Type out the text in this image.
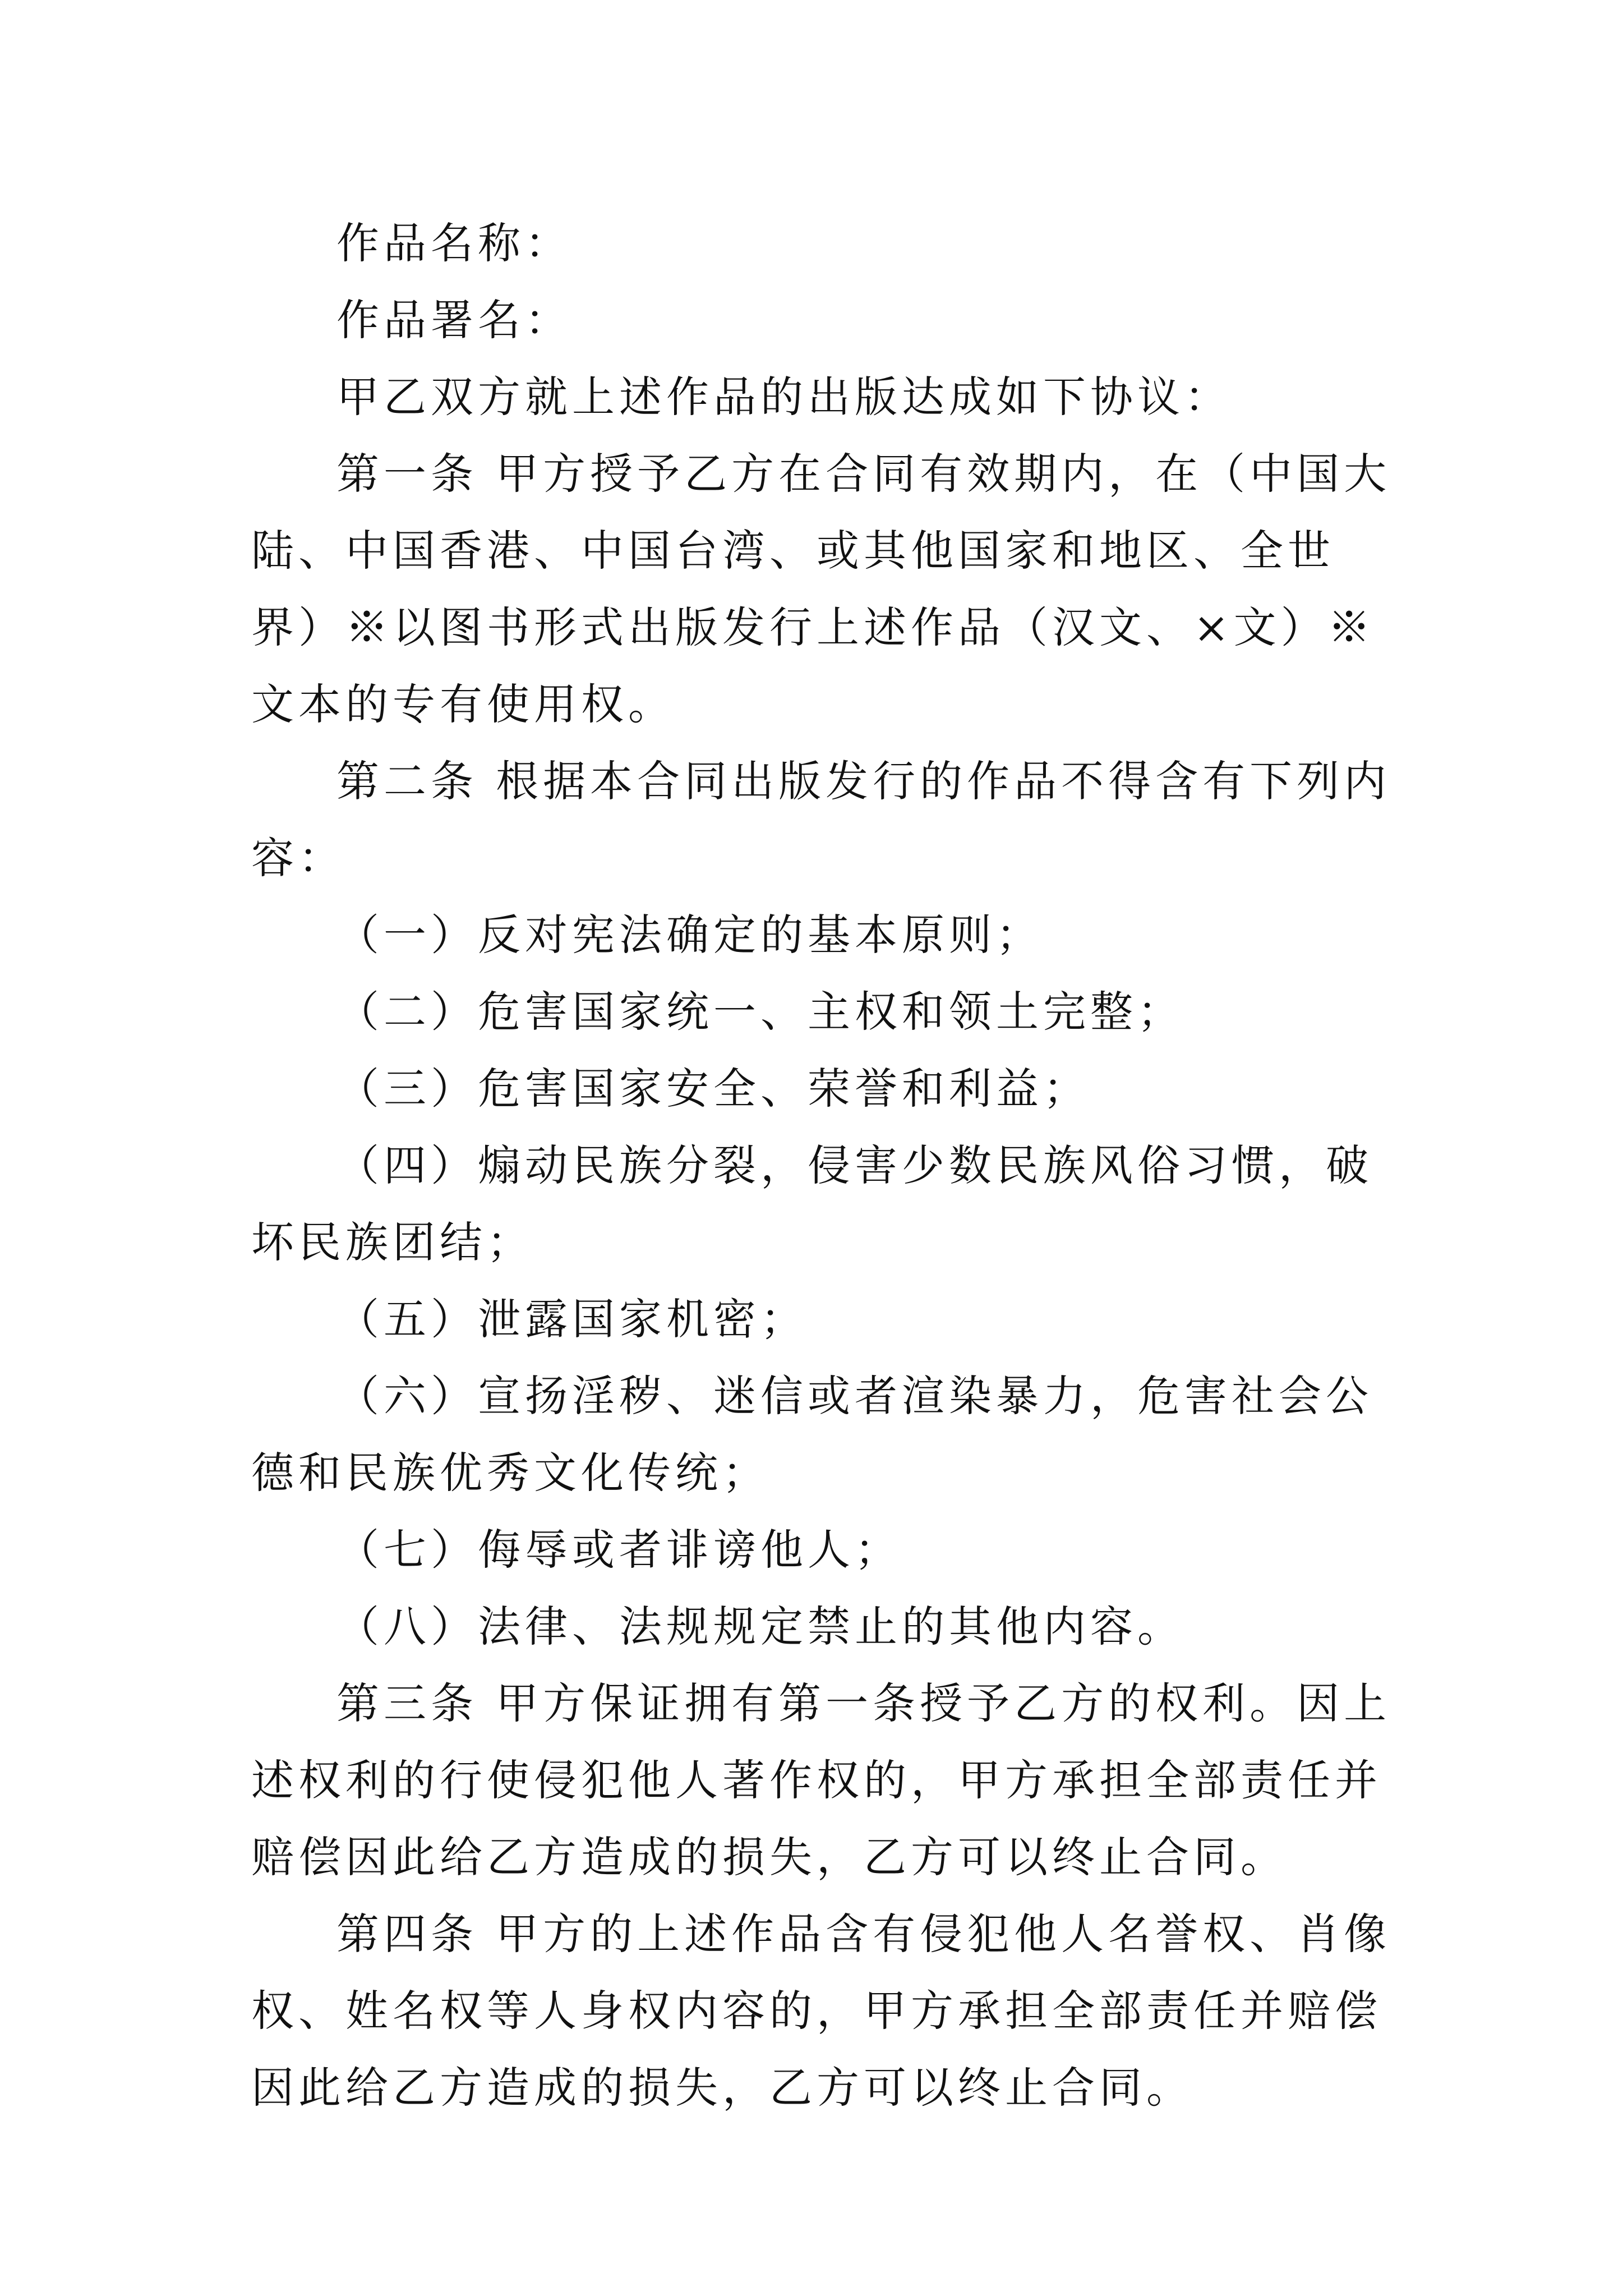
作品名称：

作品署名：

甲乙双方就上述作品的出版达成如下协议：

第一条 甲方授予乙方在合同有效期内，在（中国大陆、中国香港、中国台湾、或其他国家和地区、全世界）※以图书形式出版发行上述作品（汉文、×文）※文本的专有使用权。

第二条 根据本合同出版发行的作品不得含有下列内容：

（一）反对宪法确定的基本原则；

（二）危害国家统一、主权和领土完整；

（三）危害国家安全、荣誉和利益；

（四）煽动民族分裂，侵害少数民族风俗习惯，破坏民族团结；

（五）泄露国家机密；

（六）宣扬淫秽、迷信或者渲染暴力，危害社会公德和民族优秀文化传统；

（七）侮辱或者诽谤他人；

（八）法律、法规规定禁止的其他内容。

第三条 甲方保证拥有第一条授予乙方的权利。因上述权利的行使侵犯他人著作权的，甲方承担全部责任并赔偿因此给乙方造成的损失，乙方可以终止合同。

第四条 甲方的上述作品含有侵犯他人名誉权、肖像权、姓名权等人身权内容的，甲方承担全部责任并赔偿因此给乙方造成的损失，乙方可以终止合同。
